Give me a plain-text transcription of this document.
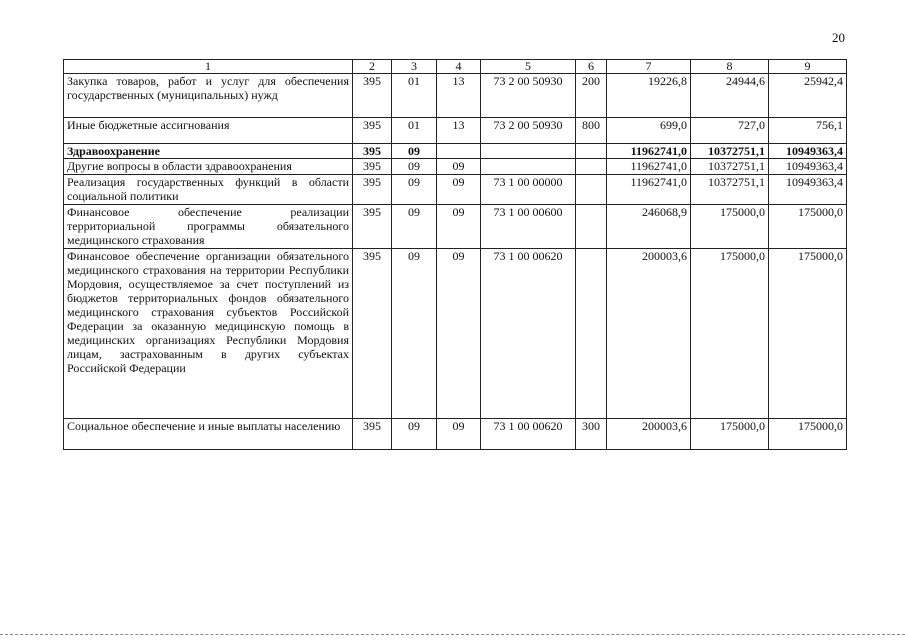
20
1	2	3	4	5	6	7	8	9
Закупка товаров, работ и услуг для обеспечения государственных (муниципальных) нужд	395	01	13	73 2 00 50930	200	19226,8	24944,6	25942,4
Иные бюджетные ассигнования	395	01	13	73 2 00 50930	800	699,0	727,0	756,1
Здравоохранение	395	09				11962741,0	10372751,1	10949363,4
Другие вопросы в области здравоохранения	395	09	09			11962741,0	10372751,1	10949363,4
Реализация государственных функций в области социальной политики	395	09	09	73 1 00 00000		11962741,0	10372751,1	10949363,4
Финансовое обеспечение реализации территориальной программы обязательного медицинского страхования	395	09	09	73 1 00 00600		246068,9	175000,0	175000,0
Финансовое обеспечение организации обязательного медицинского страхования на территории Республики Мордовия, осуществляемое за счет поступлений из бюджетов территориальных фондов обязательного медицинского страхования субъектов Российской Федерации за оказанную медицинскую помощь в медицинских организациях Республики Мордовия лицам, застрахованным в других субъектах Российской Федерации	395	09	09	73 1 00 00620		200003,6	175000,0	175000,0
Социальное обеспечение и иные выплаты населению	395	09	09	73 1 00 00620	300	200003,6	175000,0	175000,0
